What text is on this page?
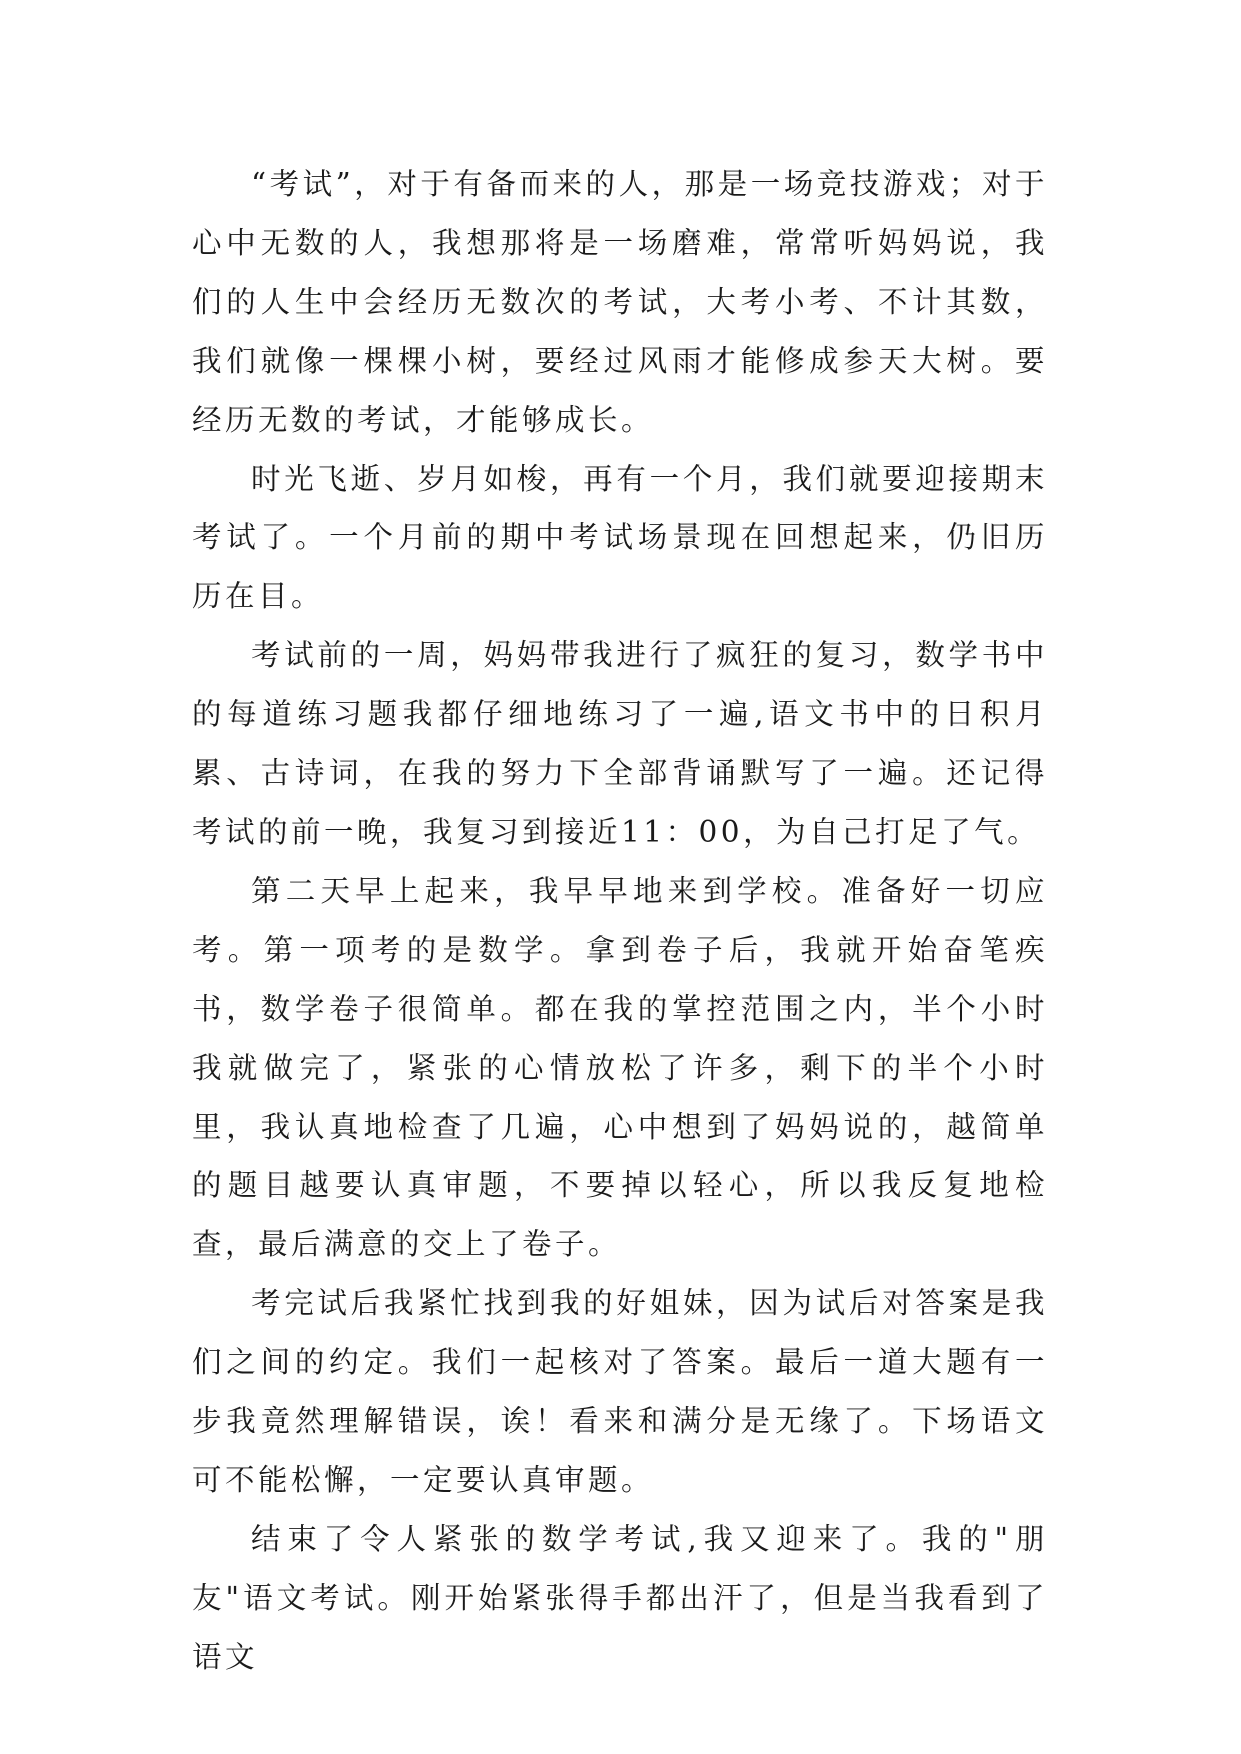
“考试”，对于有备而来的人，那是一场竞技游戏；对于心中无数的人，我想那将是一场磨难，常常听妈妈说，我们的人生中会经历无数次的考试，大考小考、不计其数，我们就像一棵棵小树，要经过风雨才能修成参天大树。要经历无数的考试，才能够成长。

时光飞逝、岁月如梭，再有一个月，我们就要迎接期末考试了。一个月前的期中考试场景现在回想起来，仍旧历历在目。

考试前的一周，妈妈带我进行了疯狂的复习，数学书中的每道练习题我都仔细地练习了一遍,语文书中的日积月累、古诗词，在我的努力下全部背诵默写了一遍。还记得考试的前一晚，我复习到接近11：00，为自己打足了气。

第二天早上起来，我早早地来到学校。准备好一切应考。第一项考的是数学。拿到卷子后，我就开始奋笔疾书，数学卷子很简单。都在我的掌控范围之内，半个小时我就做完了，紧张的心情放松了许多，剩下的半个小时里，我认真地检查了几遍，心中想到了妈妈说的，越简单的题目越要认真审题，不要掉以轻心，所以我反复地检查，最后满意的交上了卷子。

考完试后我紧忙找到我的好姐妹，因为试后对答案是我们之间的约定。我们一起核对了答案。最后一道大题有一步我竟然理解错误，诶！看来和满分是无缘了。下场语文可不能松懈，一定要认真审题。

结束了令人紧张的数学考试,我又迎来了。我的"朋友"语文考试。刚开始紧张得手都出汗了，但是当我看到了语文
